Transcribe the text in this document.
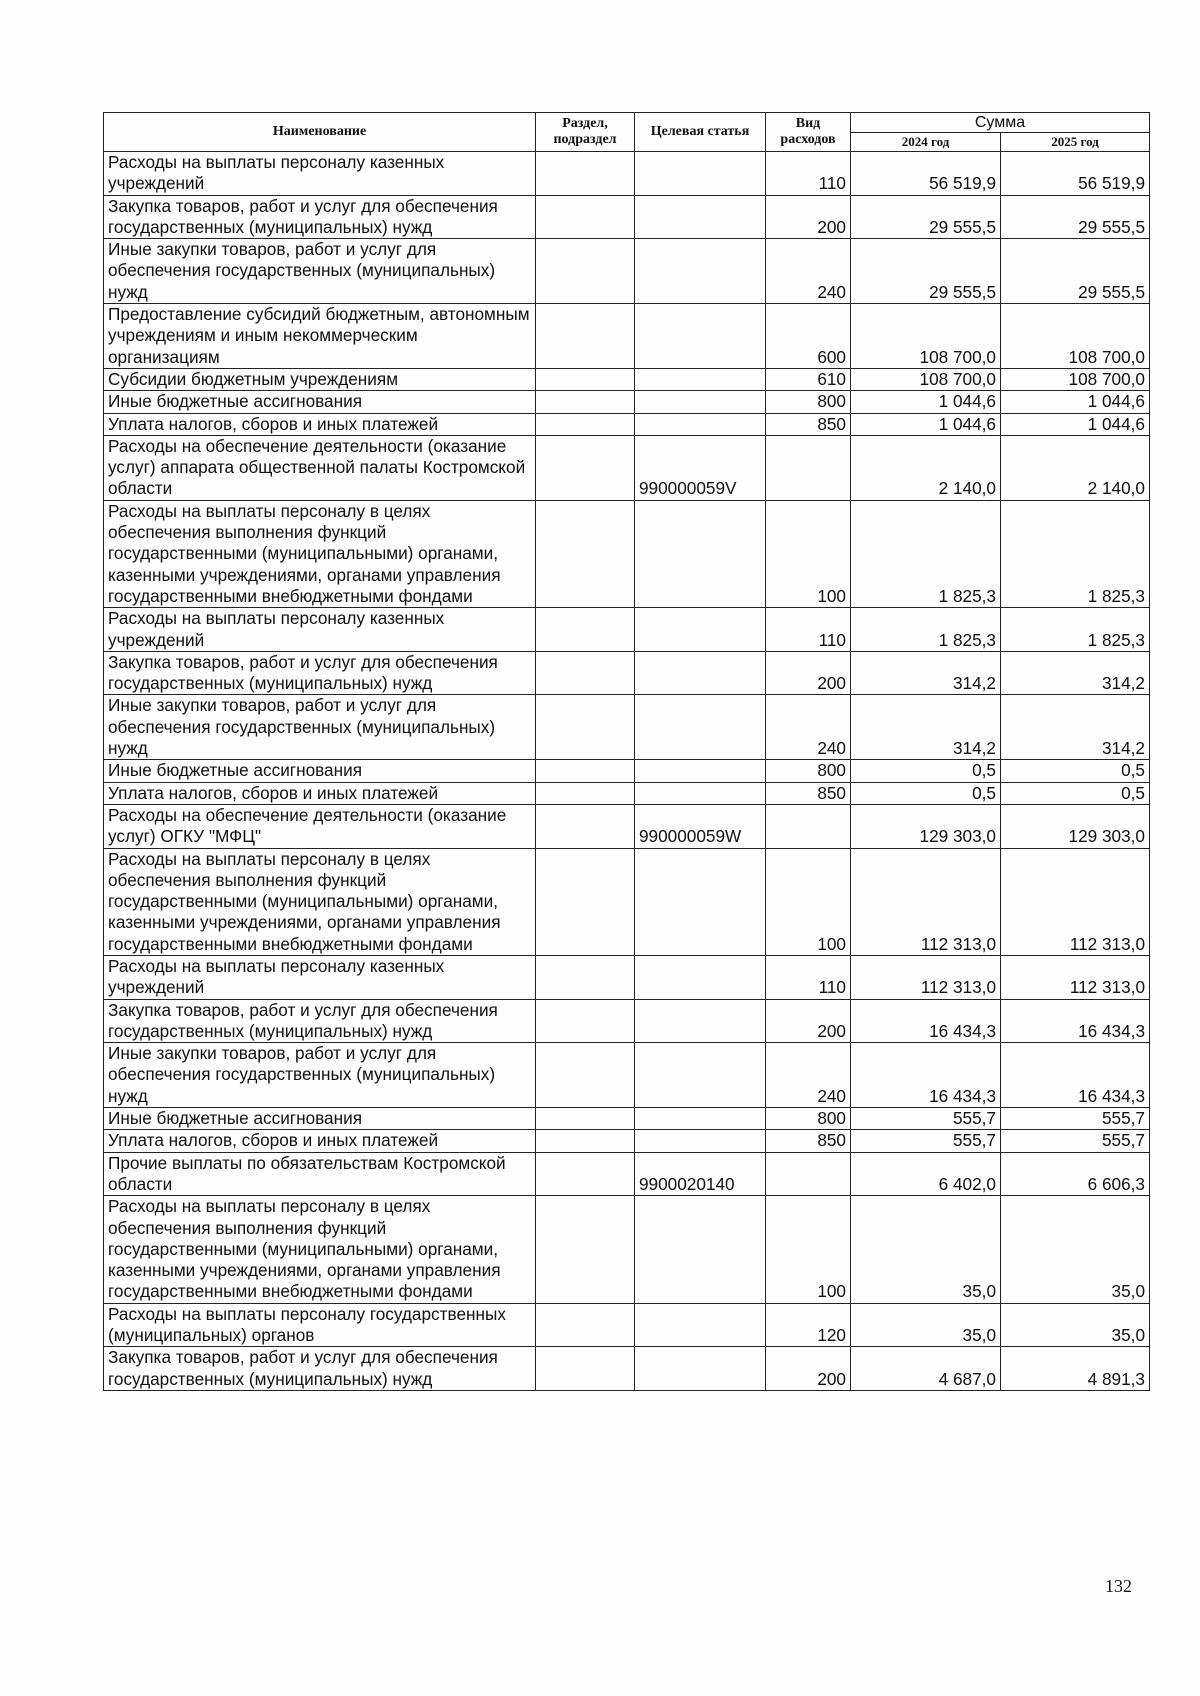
Наименование	Раздел, подраздел	Целевая статья	Вид расходов	Сумма	
				2024 год	2025 год
Расходы на выплаты персоналу казенных учреждений			110	56 519,9	56 519,9
Закупка товаров, работ и услуг для обеспечения государственных (муниципальных) нужд			200	29 555,5	29 555,5
Иные закупки товаров, работ и услуг для обеспечения государственных (муниципальных) нужд			240	29 555,5	29 555,5
Предоставление субсидий бюджетным, автономным учреждениям и иным некоммерческим организациям			600	108 700,0	108 700,0
Субсидии бюджетным учреждениям			610	108 700,0	108 700,0
Иные бюджетные ассигнования			800	1 044,6	1 044,6
Уплата налогов, сборов и иных платежей			850	1 044,6	1 044,6
Расходы на обеспечение деятельности (оказание услуг) аппарата общественной палаты Костромской области		990000059V		2 140,0	2 140,0
Расходы на выплаты персоналу в целях обеспечения выполнения функций государственными (муниципальными) органами, казенными учреждениями, органами управления государственными внебюджетными фондами			100	1 825,3	1 825,3
Расходы на выплаты персоналу казенных учреждений			110	1 825,3	1 825,3
Закупка товаров, работ и услуг для обеспечения государственных (муниципальных) нужд			200	314,2	314,2
Иные закупки товаров, работ и услуг для обеспечения государственных (муниципальных) нужд			240	314,2	314,2
Иные бюджетные ассигнования			800	0,5	0,5
Уплата налогов, сборов и иных платежей			850	0,5	0,5
Расходы на обеспечение деятельности (оказание услуг) ОГКУ "МФЦ"		990000059W		129 303,0	129 303,0
Расходы на выплаты персоналу в целях обеспечения выполнения функций государственными (муниципальными) органами, казенными учреждениями, органами управления государственными внебюджетными фондами			100	112 313,0	112 313,0
Расходы на выплаты персоналу казенных учреждений			110	112 313,0	112 313,0
Закупка товаров, работ и услуг для обеспечения государственных (муниципальных) нужд			200	16 434,3	16 434,3
Иные закупки товаров, работ и услуг для обеспечения государственных (муниципальных) нужд			240	16 434,3	16 434,3
Иные бюджетные ассигнования			800	555,7	555,7
Уплата налогов, сборов и иных платежей			850	555,7	555,7
Прочие выплаты по обязательствам Костромской области		9900020140		6 402,0	6 606,3
Расходы на выплаты персоналу в целях обеспечения выполнения функций государственными (муниципальными) органами, казенными учреждениями, органами управления государственными внебюджетными фондами			100	35,0	35,0
Расходы на выплаты персоналу государственных (муниципальных) органов			120	35,0	35,0
Закупка товаров, работ и услуг для обеспечения государственных (муниципальных) нужд			200	4 687,0	4 891,3
132
